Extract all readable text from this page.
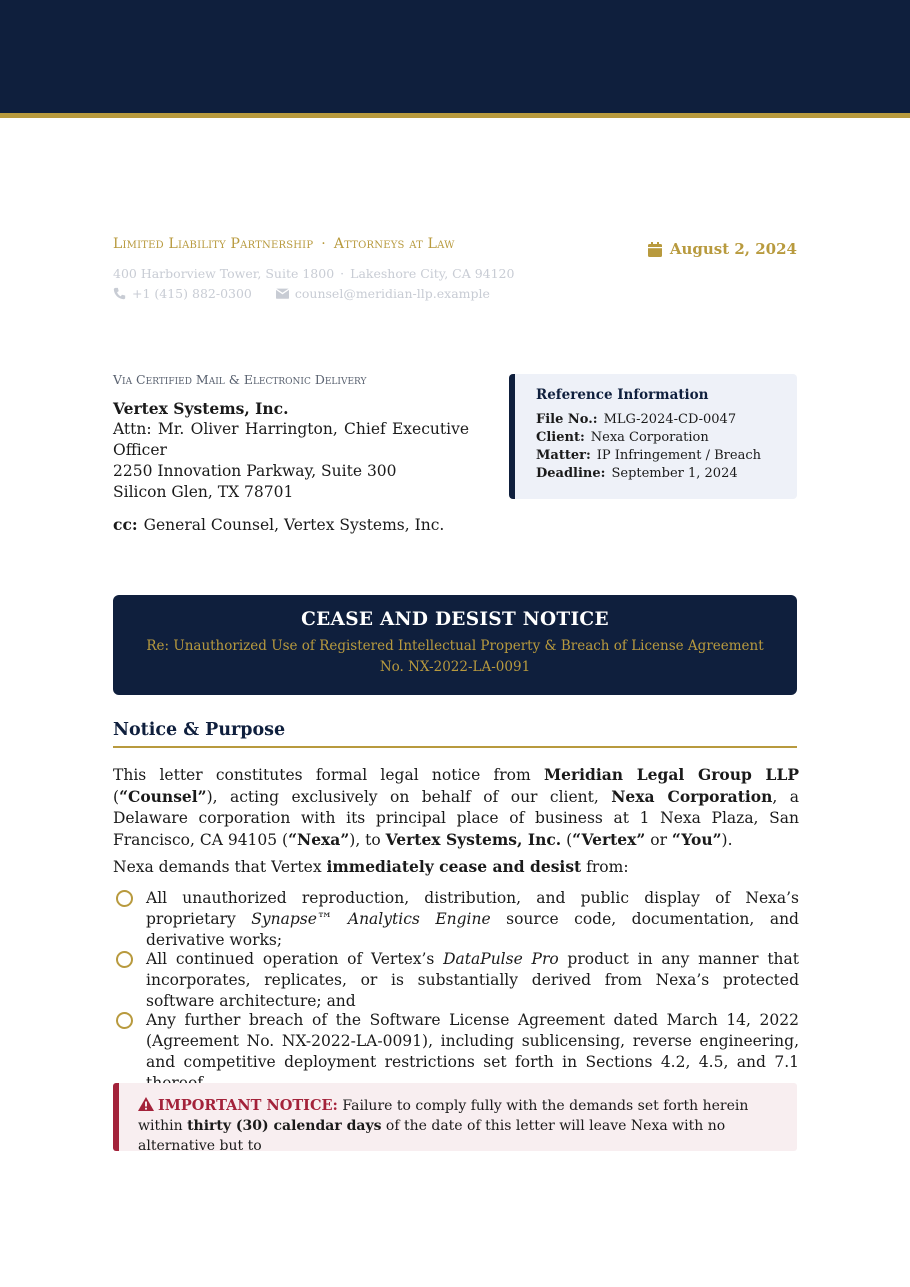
Limited Liability Partnership · Attorneys at Law	August 2, 2024
400 Harborview Tower, Suite 1800 · Lakeshore City, CA 94120
+1 (415) 882-0300	counsel@meridian-llp.example
Via Certified Mail & Electronic Delivery
Vertex Systems, Inc.
Attn: Mr. Oliver Harrington, Chief Executive Officer
2250 Innovation Parkway, Suite 300
Silicon Glen, TX 78701
cc: General Counsel, Vertex Systems, Inc.
Reference Information
File No.: MLG-2024-CD-0047
Client: Nexa Corporation
Matter: IP Infringement / Breach
Deadline: September 1, 2024
CEASE AND DESIST NOTICE
Re: Unauthorized Use of Registered Intellectual Property & Breach of License Agreement No. NX-2022-LA-0091
Notice & Purpose
This letter constitutes formal legal notice from Meridian Legal Group LLP (“Counsel”), acting exclusively on behalf of our client, Nexa Corporation, a Delaware corporation with its principal place of business at 1 Nexa Plaza, San Francisco, CA 94105 (“Nexa”), to Vertex Systems, Inc. (“Vertex” or “You”).
Nexa demands that Vertex immediately cease and desist from:
All unauthorized reproduction, distribution, and public display of Nexa’s proprietary Synapse™ Analytics Engine source code, documentation, and derivative works;
All continued operation of Vertex’s DataPulse Pro product in any manner that incorporates, replicates, or is substantially derived from Nexa’s protected software architecture; and
Any further breach of the Software License Agreement dated March 14, 2022 (Agreement No. NX-2022-LA-0091), including sublicensing, reverse engineering, and competitive deployment restrictions set forth in Sections 4.2, 4.5, and 7.1
IMPORTANT NOTICE: Failure to comply fully with the demands set forth herein within thirty (30) calendar days of the date of this letter will leave Nexa with no alternative but to
